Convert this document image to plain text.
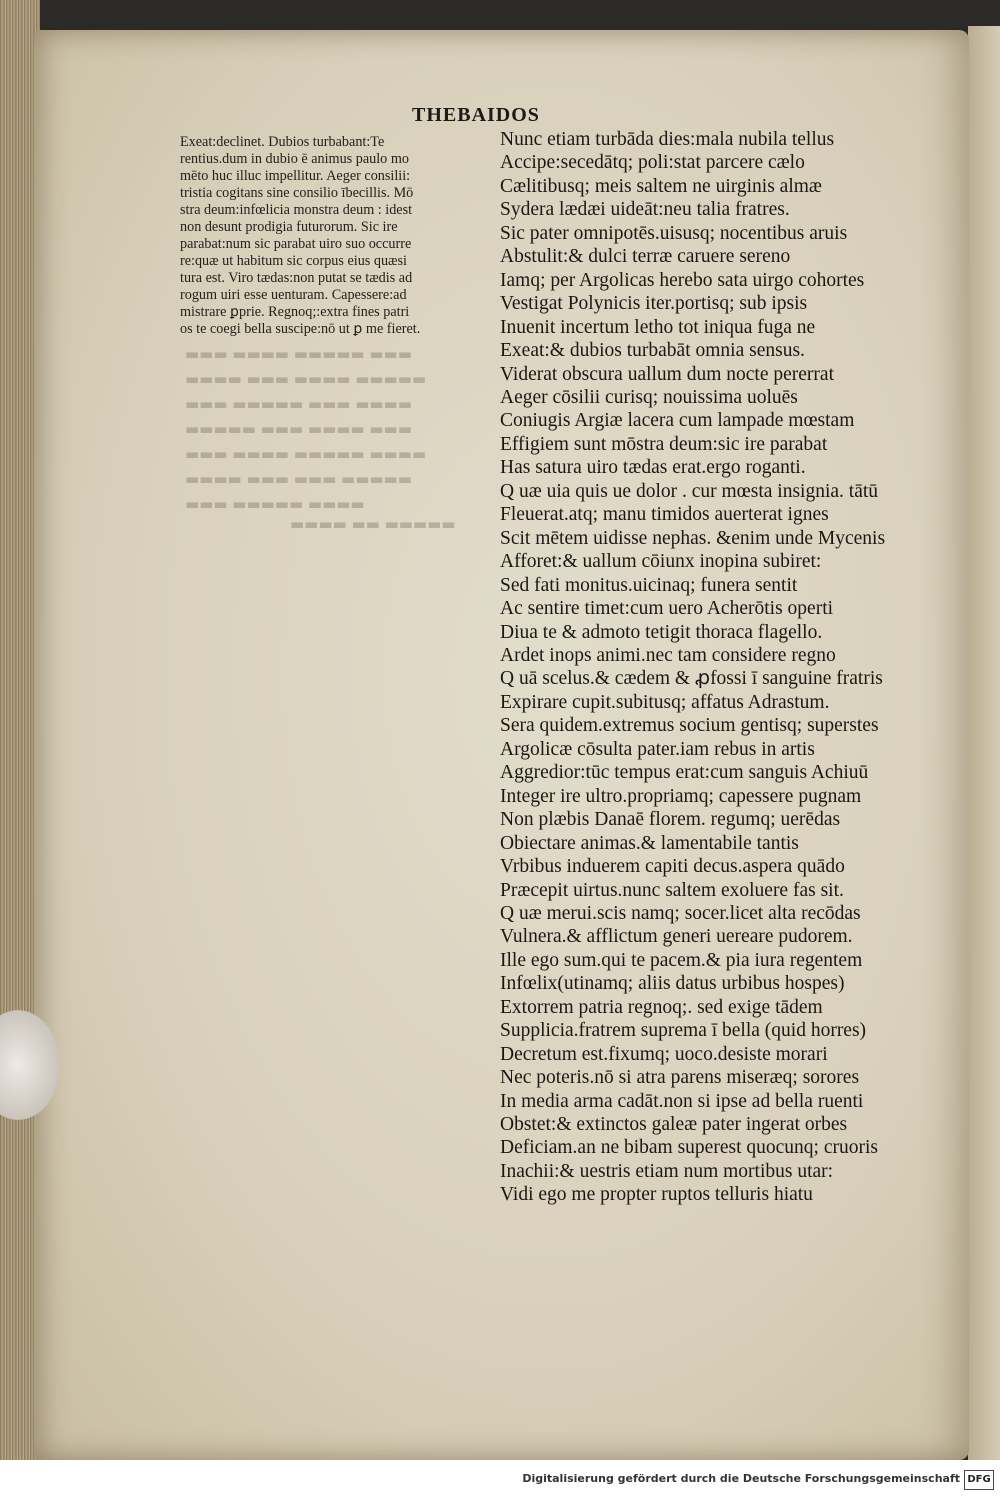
▬▬▬ ▬▬▬▬ ▬▬▬▬▬ ▬▬▬
▬▬▬▬ ▬▬▬ ▬▬▬▬ ▬▬▬▬▬
▬▬▬ ▬▬▬▬▬ ▬▬▬ ▬▬▬▬
▬▬▬▬▬ ▬▬▬ ▬▬▬▬ ▬▬▬
▬▬▬ ▬▬▬▬ ▬▬▬▬▬ ▬▬▬▬
▬▬▬▬ ▬▬▬ ▬▬▬ ▬▬▬▬▬
▬▬▬ ▬▬▬▬▬ ▬▬▬▬
▬▬▬▬ ▬▬ ▬▬▬▬▬
THEBAIDOS

Exeat:declinet. Dubios turbabant:Te

rentius.dum in dubio ē animus paulo mo

mēto huc illuc impellitur. Aeger consilii:

tristia cogitans sine consilio ībecillis. Mō

stra deum:infœlicia monstra deum : idest

non desunt prodigia futurorum. Sic ire

parabat:num sic parabat uiro suo occurre

re:quæ ut habitum sic corpus eius quæsi

tura est. Viro tædas:non putat se tædis ad

rogum uiri esse uenturam. Capessere:ad

mistrare ꝑprie. Regnoq;:extra fines patri

os te coegi bella suscipe:nō ut ꝑ me fieret.

Nunc etiam turbāda dies:mala nubila tellus

Accipe:secedātq; poli:stat parcere cælo

Cælitibusq; meis saltem ne uirginis almæ

Sydera lædæi uideāt:neu talia fratres.

Sic pater omnipotēs.uisusq; nocentibus aruis

Abstulit:& dulci terræ caruere sereno

Iamq; per Argolicas herebo sata uirgo cohortes

Vestigat Polynicis iter.portisq; sub ipsis

Inuenit incertum letho tot iniqua fuga ne

Exeat:& dubios turbabāt omnia sensus.

Viderat obscura uallum dum nocte pererrat

Aeger cōsilii curisq; nouissima uoluēs

Coniugis Argiæ lacera cum lampade mœstam

Effigiem sunt mōstra deum:sic ire parabat

Has satura uiro tædas erat.ergo roganti.

Q uæ uia quis ue dolor . cur mœsta insignia. tātū

Fleuerat.atq; manu timidos auerterat ignes

Scit mētem uidisse nephas. &enim unde Mycenis

Afforet:& uallum cōiunx inopina subiret:

Sed fati monitus.uicinaq; funera sentit

Ac sentire timet:cum uero Acherōtis operti

Diua te & admoto tetigit thoraca flagello.

Ardet inops animi.nec tam considere regno

Q uā scelus.& cædem & ꝓfossi ī sanguine fratris

Expirare cupit.subitusq; affatus Adrastum.

Sera quidem.extremus socium gentisq; superstes

Argolicæ cōsulta pater.iam rebus in artis

Aggredior:tūc tempus erat:cum sanguis Achiuū

Integer ire ultro.propriamq; capessere pugnam

Non plæbis Danaē florem. regumq; uerēdas

Obiectare animas.& lamentabile tantis

Vrbibus induerem capiti decus.aspera quādo

Præcepit uirtus.nunc saltem exoluere fas sit.

Q uæ merui.scis namq; socer.licet alta recōdas

Vulnera.& afflictum generi uereare pudorem.

Ille ego sum.qui te pacem.& pia iura regentem

Infœlix(utinamq; aliis datus urbibus hospes)

Extorrem patria regnoq;. sed exige tādem

Supplicia.fratrem suprema ī bella (quid horres)

Decretum est.fixumq; uoco.desiste morari

Nec poteris.nō si atra parens miseræq; sorores

In media arma cadāt.non si ipse ad bella ruenti

Obstet:& extinctos galeæ pater ingerat orbes

Deficiam.an ne bibam superest quocunq; cruoris

Inachii:& uestris etiam num mortibus utar:

Vidi ego me propter ruptos telluris hiatu

Digitalisierung gefördert durch die Deutsche Forschungsgemeinschaft DFG
